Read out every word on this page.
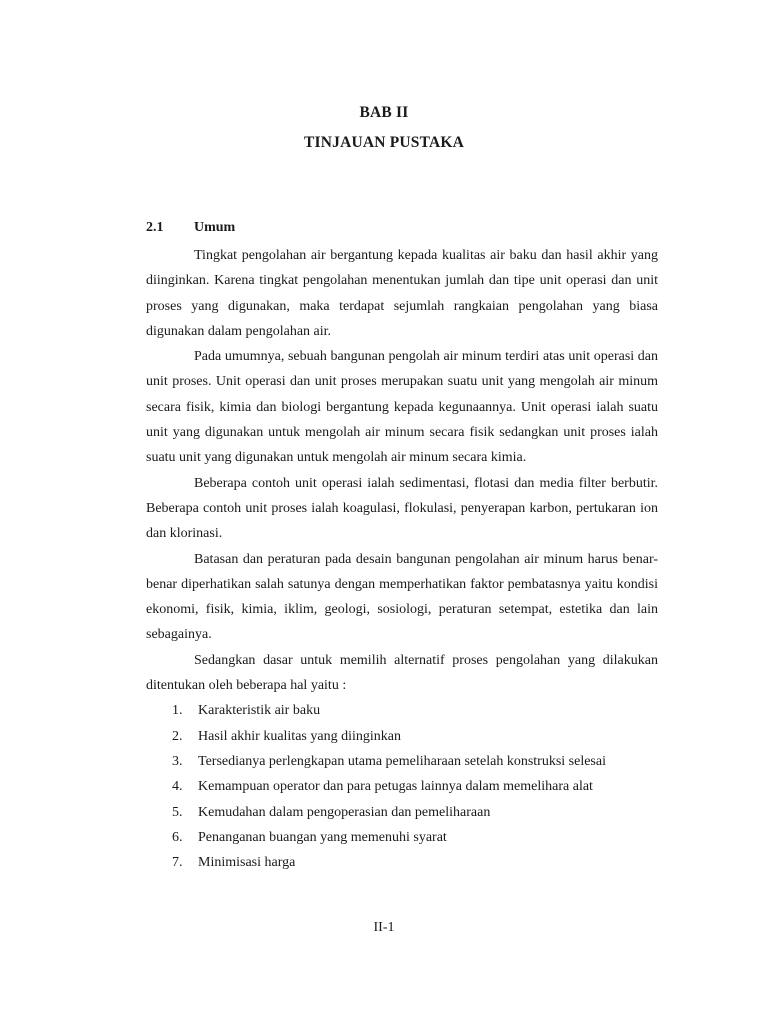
BAB II
TINJAUAN PUSTAKA
2.1 Umum

Tingkat pengolahan air bergantung kepada kualitas air baku dan hasil akhir yang diinginkan. Karena tingkat pengolahan menentukan jumlah dan tipe unit operasi dan unit proses yang digunakan, maka terdapat sejumlah rangkaian pengolahan yang biasa digunakan dalam pengolahan air.

Pada umumnya, sebuah bangunan pengolah air minum terdiri atas unit operasi dan unit proses. Unit operasi dan unit proses merupakan suatu unit yang mengolah air minum secara fisik, kimia dan biologi bergantung kepada kegunaannya. Unit operasi ialah suatu unit yang digunakan untuk mengolah air minum secara fisik sedangkan unit proses ialah suatu unit yang digunakan untuk mengolah air minum secara kimia.

Beberapa contoh unit operasi ialah sedimentasi, flotasi dan media filter berbutir. Beberapa contoh unit proses ialah koagulasi, flokulasi, penyerapan karbon, pertukaran ion dan klorinasi.

Batasan dan peraturan pada desain bangunan pengolahan air minum harus benar-benar diperhatikan salah satunya dengan memperhatikan faktor pembatasnya yaitu kondisi ekonomi, fisik, kimia, iklim, geologi, sosiologi, peraturan setempat, estetika dan lain sebagainya.

Sedangkan dasar untuk memilih alternatif proses pengolahan yang dilakukan ditentukan oleh beberapa hal yaitu :

1. Karakteristik air baku
2. Hasil akhir kualitas yang diinginkan
3. Tersedianya perlengkapan utama pemeliharaan setelah konstruksi selesai
4. Kemampuan operator dan para petugas lainnya dalam memelihara alat
5. Kemudahan dalam pengoperasian dan pemeliharaan
6. Penanganan buangan yang memenuhi syarat
7. Minimisasi harga
II-1
